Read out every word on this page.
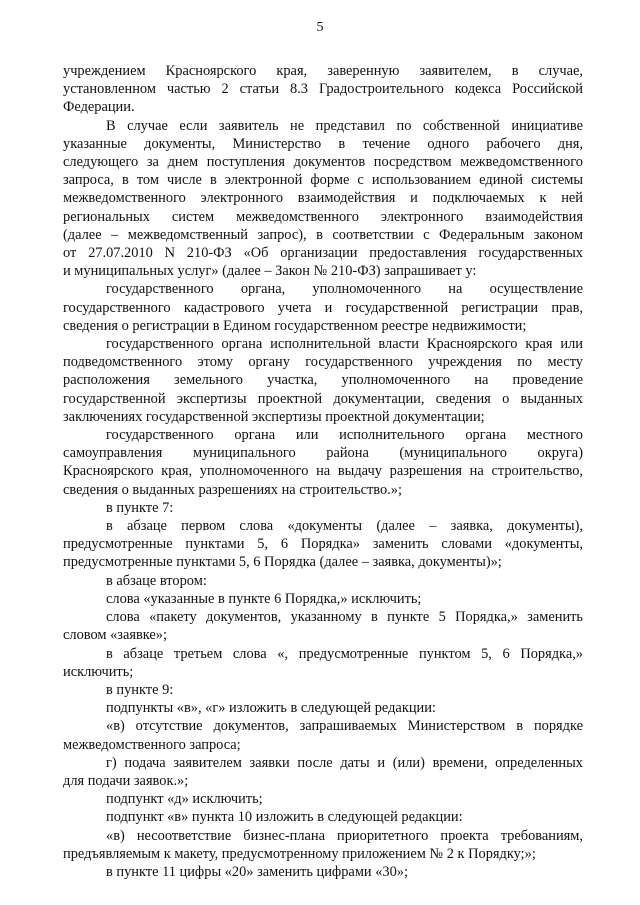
5
учреждением Красноярского края, заверенную заявителем, в случае,
установленном частью 2 статьи 8.3 Градостроительного кодекса Российской
Федерации.
В случае если заявитель не представил по собственной инициативе
указанные документы, Министерство в течение одного рабочего дня,
следующего за днем поступления документов посредством межведомственного
запроса, в том числе в электронной форме с использованием единой системы
межведомственного электронного взаимодействия и подключаемых к ней
региональных систем межведомственного электронного взаимодействия
(далее – межведомственный запрос), в соответствии с Федеральным законом
от 27.07.2010 N 210-ФЗ «Об организации предоставления государственных
и муниципальных услуг» (далее – Закон № 210-ФЗ) запрашивает у:
государственного органа, уполномоченного на осуществление
государственного кадастрового учета и государственной регистрации прав,
сведения о регистрации в Едином государственном реестре недвижимости;
государственного органа исполнительной власти Красноярского края или
подведомственного этому органу государственного учреждения по месту
расположения земельного участка, уполномоченного на проведение
государственной экспертизы проектной документации, сведения о выданных
заключениях государственной экспертизы проектной документации;
государственного органа или исполнительного органа местного
самоуправления муниципального района (муниципального округа)
Красноярского края, уполномоченного на выдачу разрешения на строительство,
сведения о выданных разрешениях на строительство.»;
в пункте 7:
в абзаце первом слова «документы (далее – заявка, документы),
предусмотренные пунктами 5, 6 Порядка» заменить словами «документы,
предусмотренные пунктами 5, 6 Порядка (далее – заявка, документы)»;
в абзаце втором:
слова «указанные в пункте 6 Порядка,» исключить;
слова «пакету документов, указанному в пункте 5 Порядка,» заменить
словом «заявке»;
в абзаце третьем слова «, предусмотренные пунктом 5, 6 Порядка,»
исключить;
в пункте 9:
подпункты «в», «г» изложить в следующей редакции:
«в) отсутствие документов, запрашиваемых Министерством в порядке
межведомственного запроса;
г) подача заявителем заявки после даты и (или) времени, определенных
для подачи заявок.»;
подпункт «д» исключить;
подпункт «в» пункта 10 изложить в следующей редакции:
«в) несоответствие бизнес-плана приоритетного проекта требованиям,
предъявляемым к макету, предусмотренному приложением № 2 к Порядку;»;
в пункте 11 цифры «20» заменить цифрами «30»;
